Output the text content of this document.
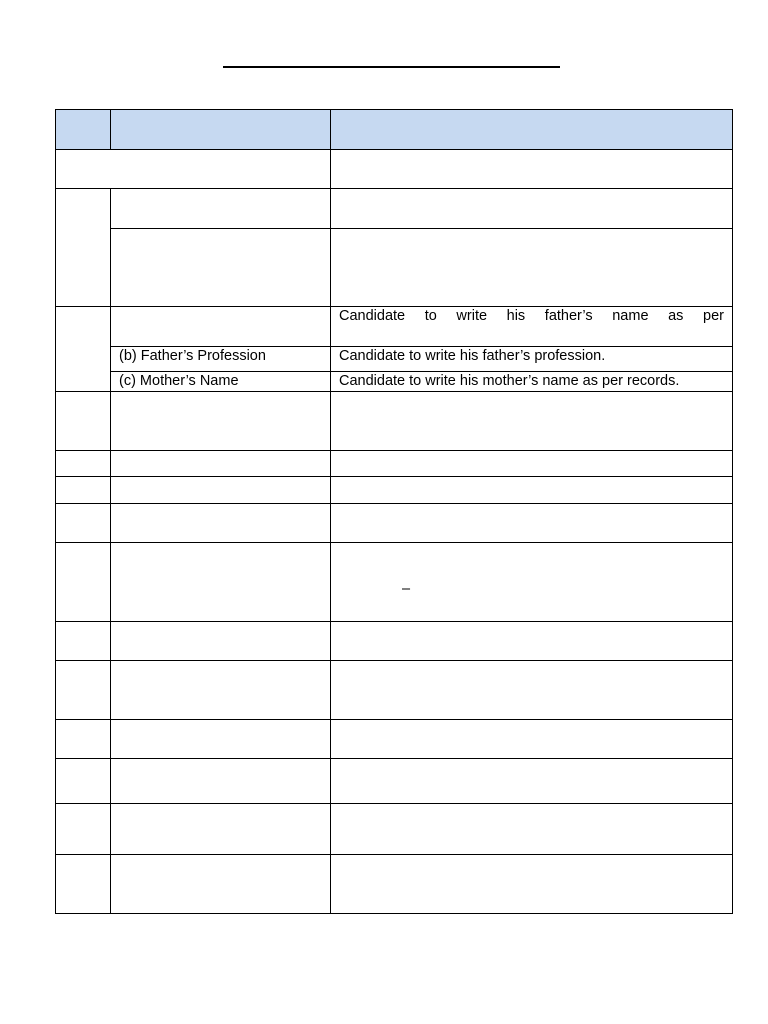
		Candidate to write his father’s name as per

	(b) Father’s Profession	Candidate to write his father’s profession.

	(c) Mother’s Name	Candidate to write his mother’s name as per records.

		–
